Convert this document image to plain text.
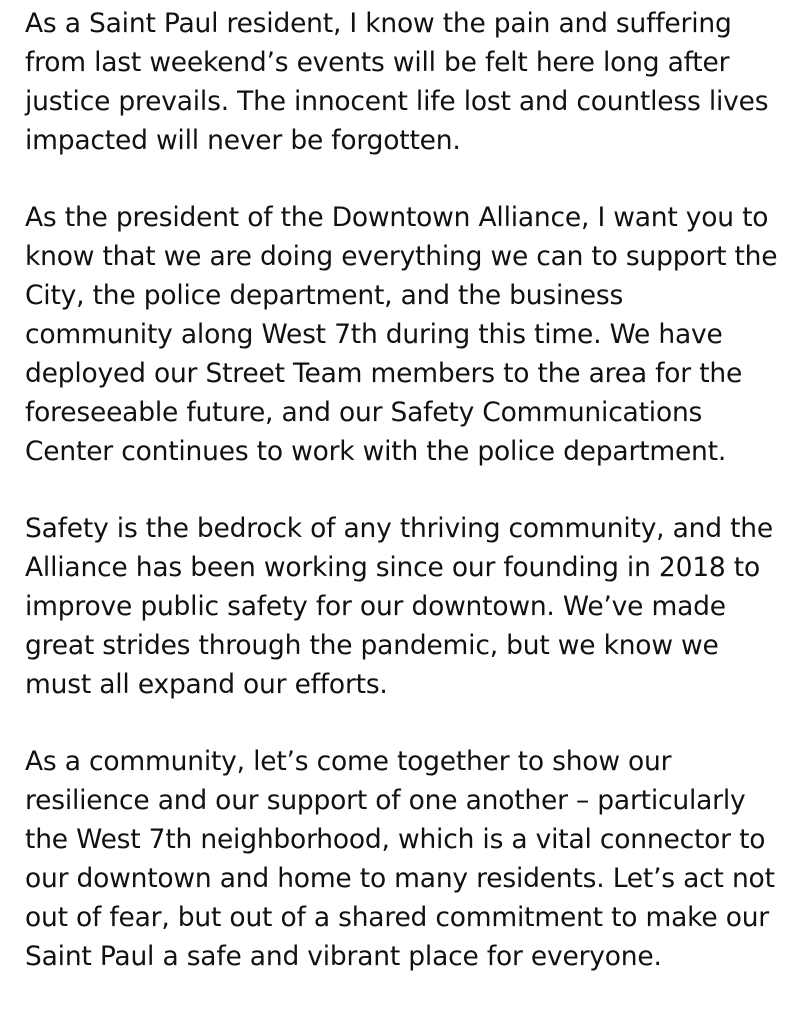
As a Saint Paul resident, I know the pain and suffering
from last weekend’s events will be felt here long after
justice prevails. The innocent life lost and countless lives
impacted will never be forgotten.

As the president of the Downtown Alliance, I want you to
know that we are doing everything we can to support the
City, the police department, and the business
community along West 7th during this time. We have
deployed our Street Team members to the area for the
foreseeable future, and our Safety Communications
Center continues to work with the police department.

Safety is the bedrock of any thriving community, and the
Alliance has been working since our founding in 2018 to
improve public safety for our downtown. We’ve made
great strides through the pandemic, but we know we
must all expand our efforts.

As a community, let’s come together to show our
resilience and our support of one another – particularly
the West 7th neighborhood, which is a vital connector to
our downtown and home to many residents. Let’s act not
out of fear, but out of a shared commitment to make our
Saint Paul a safe and vibrant place for everyone.
